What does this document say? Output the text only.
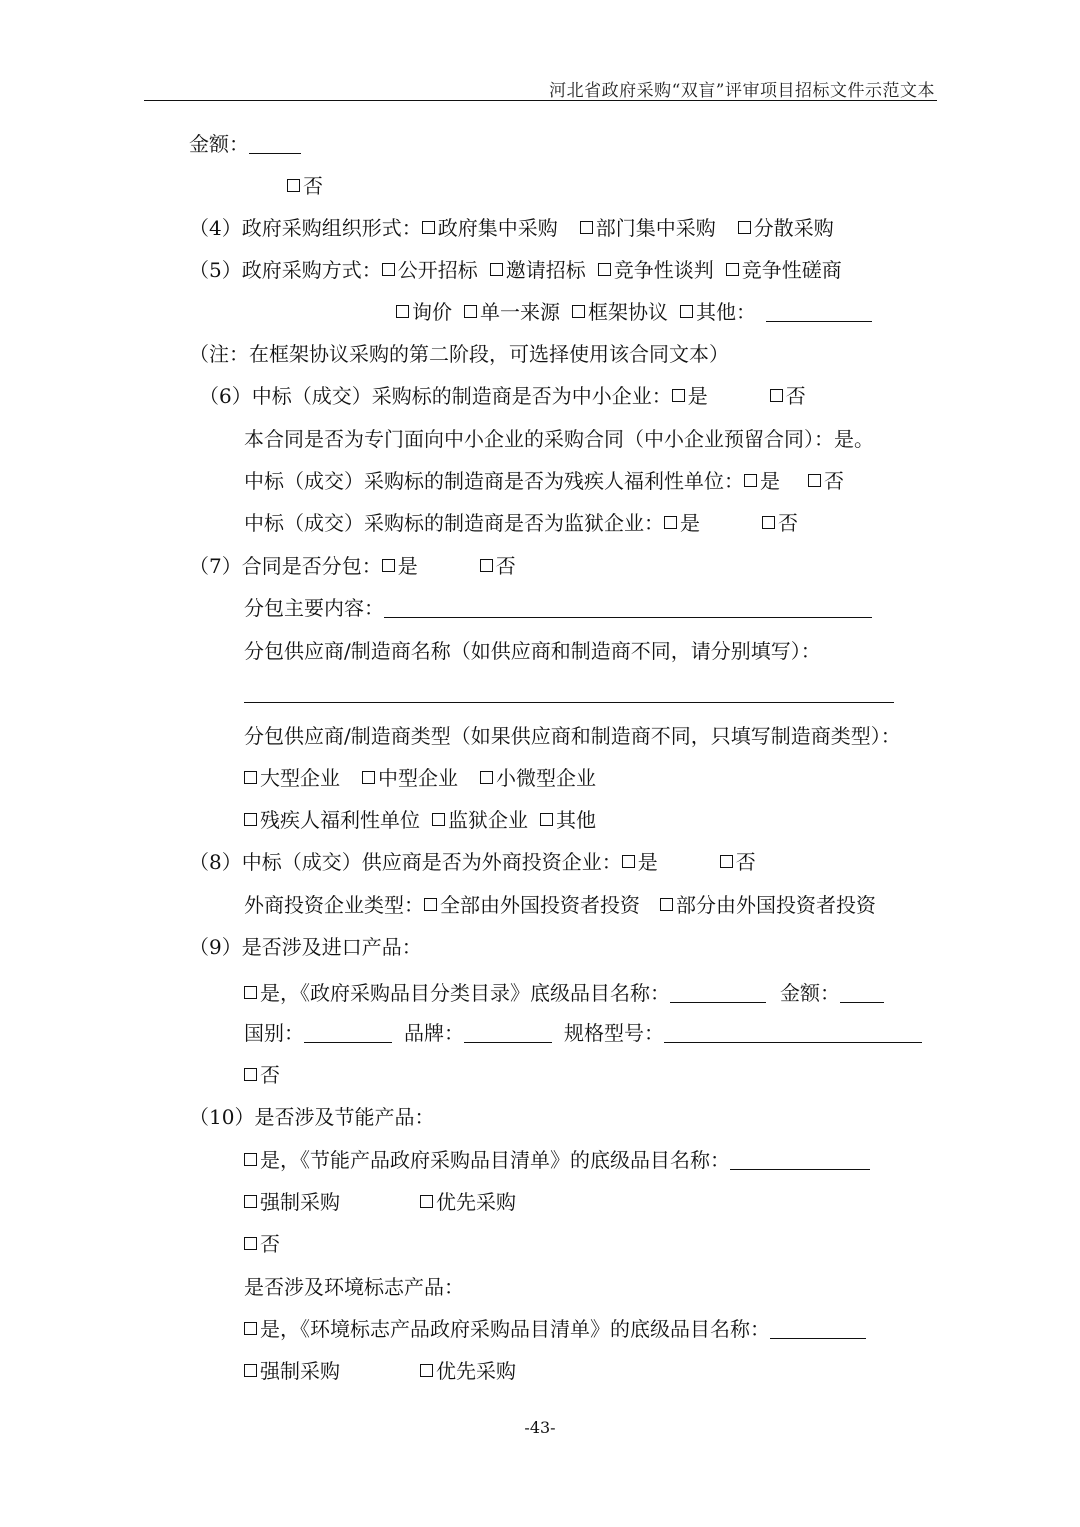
河北省政府采购“双盲”评审项目招标文件示范文本
金额：
否
（4）政府采购组织形式： 政府集中采购 部门集中采购 分散采购
（5）政府采购方式： 公开招标 邀请招标 竞争性谈判 竞争性磋商
询价 单一来源 框架协议 其他：
（注：在框架协议采购的第二阶段，可选择使用该合同文本）
（6）中标（成交）采购标的制造商是否为中小企业： 是	否
本合同是否为专门面向中小企业的采购合同（中小企业预留合同）：是。
中标（成交）采购标的制造商是否为残疾人福利性单位： 是 否
中标（成交）采购标的制造商是否为监狱企业： 是	否
（7）合同是否分包： 是	否
分包主要内容：
分包供应商/制造商名称（如供应商和制造商不同，请分别填写）：
分包供应商/制造商类型（如果供应商和制造商不同，只填写制造商类型）：
大型企业 中型企业 小微型企业
残疾人福利性单位 监狱企业 其他
（8）中标（成交）供应商是否为外商投资企业： 是	否
外商投资企业类型： 全部由外国投资者投资 部分由外国投资者投资
（9）是否涉及进口产品：
是，《政府采购品目分类目录》底级品目名称：	金额：
国别：	品牌：	规格型号：
否
（10）是否涉及节能产品：
是，《节能产品政府采购品目清单》的底级品目名称：
强制采购	优先采购
否
是否涉及环境标志产品：
是，《环境标志产品政府采购品目清单》的底级品目名称：
强制采购	优先采购
-43-
